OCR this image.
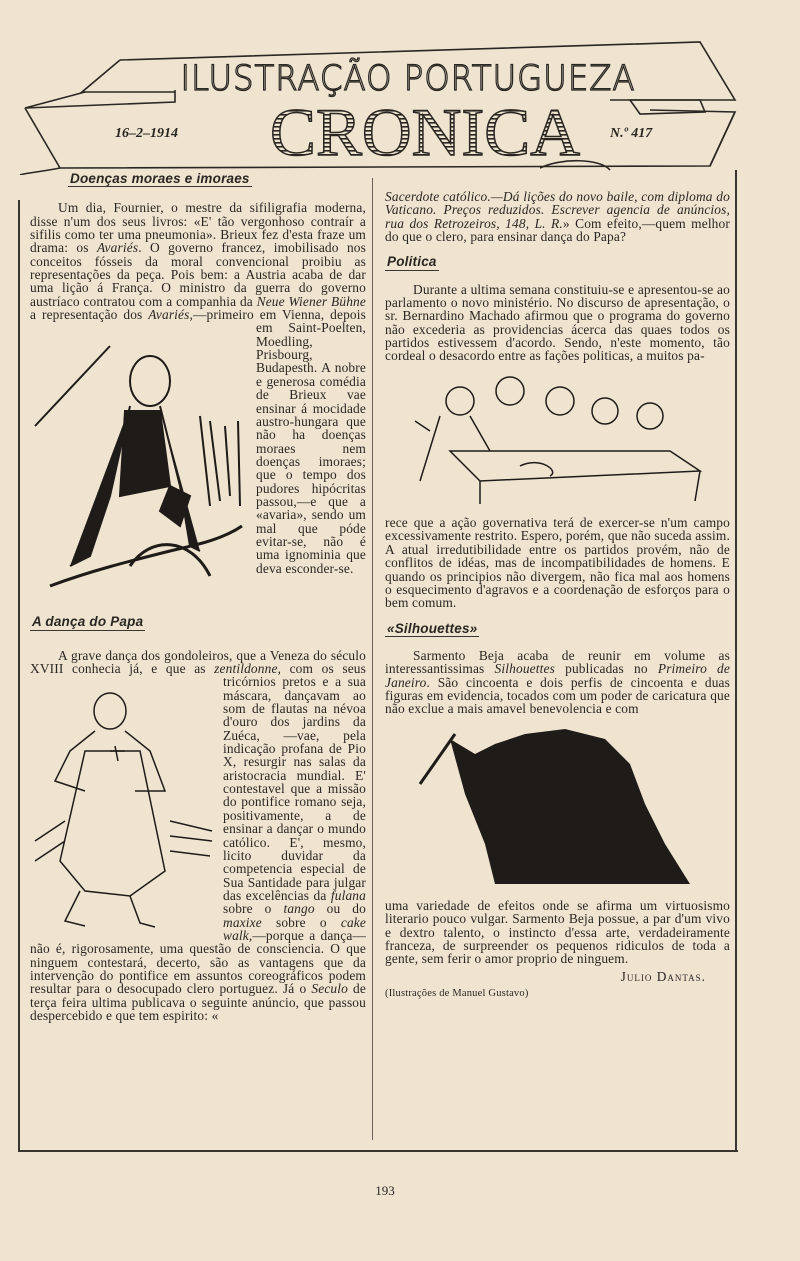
ILUSTRAÇÃO PORTUGUEZA
CRONICA
16–2–1914	N.º 417
Doenças moraes e imoraes

Um dia, Fournier, o mestre da sifiligrafia moderna, disse n'um dos seus livros: «E' tão vergonhoso contraír a sifilis como ter uma pneumonia». Brieux fez d'esta fraze um drama: os Avariés. O governo francez, imobilisado nos conceitos fósseis da moral convencional proibiu as representações da peça. Pois bem: a Austria acaba de dar uma lição á França. O ministro da guerra do governo austríaco contratou com a companhia da Neue Wiener Bühne a representação dos Avariés,—primeiro em Vienna, depois em Saint-Poelten, Moedling, Prisbourg, Budapesth. A nobre e generosa comédia de Brieux vae ensinar á mocidade austro-hungara que não ha doenças moraes nem doenças imoraes; que o tempo dos pudores hipócritas passou,—e que a «avaria», sendo um mal que póde evitar-se, não é uma ignominia que deva esconder-se.

A dança do Papa

A grave dança dos gondoleiros, que a Veneza do século XVIII conhecia já, e que as zentildonne, com os seus tricórnios pretos e a sua máscara, dançavam ao som de flautas na névoa d'ouro dos jardins da Zuéca, —vae, pela indicação profana de Pio X, resurgir nas salas da aristocracia mundial. E' contestavel que a missão do pontifice romano seja, positivamente, a de ensinar a dançar o mundo católico. E', mesmo, licito duvidar da competencia especial de Sua Santidade para julgar das excelências da fulana sobre o tango ou do maxixe sobre o cake walk,—porque a dança—não é, rigorosamente, uma questão de consciencia. O que ninguem contestará, decerto, são as vantagens que da intervenção do pontifice em assuntos coreográficos podem resultar para o desocupado clero portuguez. Já o Seculo de terça feira ultima publicava o seguinte anúncio, que passou despercebido e que tem espirito: «

Sacerdote católico.—Dá lições do novo baile, com diploma do Vaticano. Preços reduzidos. Escrever agencia de anúncios, rua dos Retrozeiros, 148, L. R.» Com efeito,—quem melhor do que o clero, para ensinar dança do Papa?

Politica

Durante a ultima semana constituiu-se e apresentou-se ao parlamento o novo ministério. No discurso de apresentação, o sr. Bernardino Machado afirmou que o programa do governo não excederia as providencias ácerca das quaes todos os partidos estivessem d'acordo. Sendo, n'este momento, tão cordeal o desacordo entre as fações politicas, a muitos pa-

rece que a ação governativa terá de exercer-se n'um campo excessivamente restrito. Espero, porém, que não suceda assim. A atual irredutibilidade entre os partidos provém, não de conflitos de idéas, mas de incompatibilidades de homens. E quando os principios não divergem, não fica mal aos homens o esquecimento d'agravos e a coordenação de esforços para o bem comum.

«Silhouettes»

Sarmento Beja acaba de reunir em volume as interessantissimas Silhouettes publicadas no Primeiro de Janeiro. São cincoenta e dois perfis de cincoenta e duas figuras em evidencia, tocados com um poder de caricatura que não exclue a mais amavel benevolencia e com

uma variedade de efeitos onde se afirma um virtuosismo literario pouco vulgar. Sarmento Beja possue, a par d'um vivo e dextro talento, o instincto d'essa arte, verdadeiramente franceza, de surpreender os pequenos ridiculos de toda a gente, sem ferir o amor proprio de ninguem.

Julio Dantas.
(Ilustrações de Manuel Gustavo)
193
